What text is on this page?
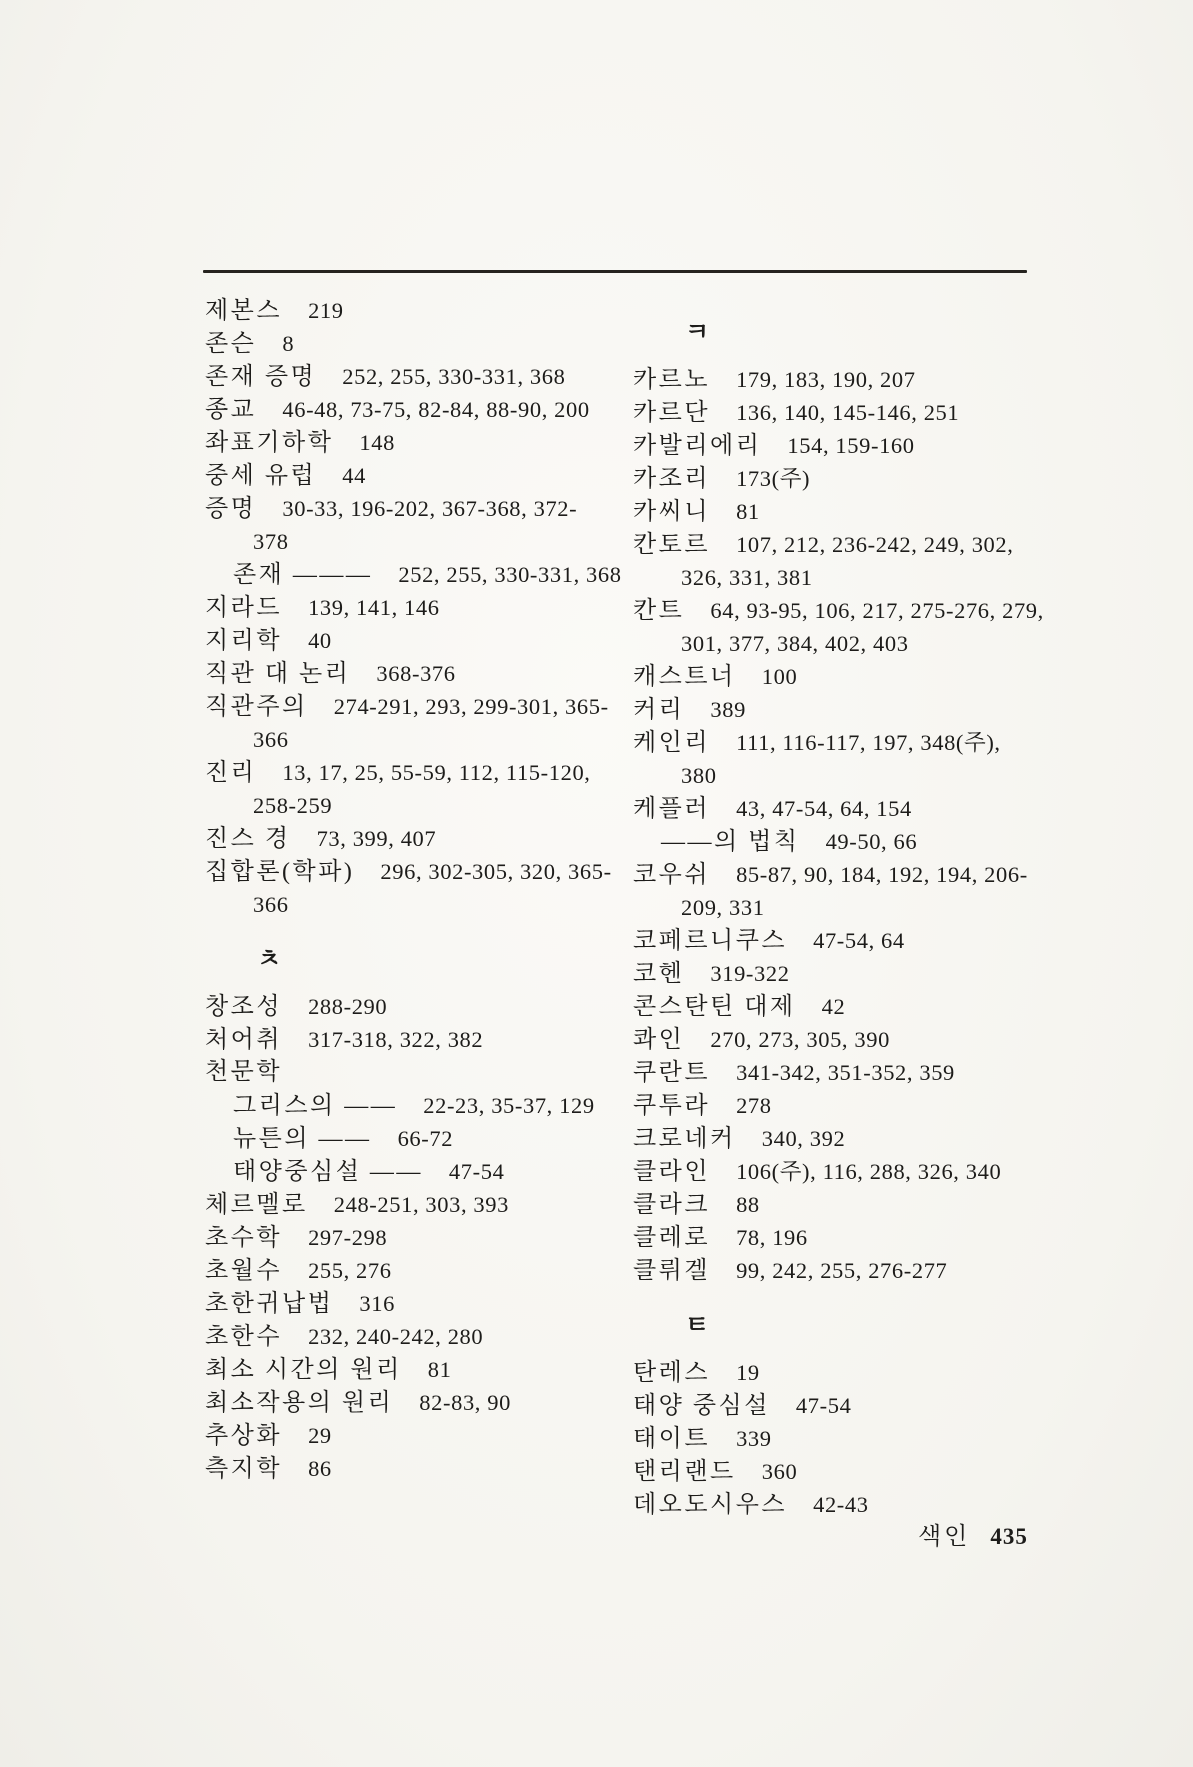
제본스 219
존슨 8
존재 증명 252, 255, 330-331, 368
종교 46-48, 73-75, 82-84, 88-90, 200
좌표기하학 148
중세 유럽 44
증명 30-33, 196-202, 367-368, 372-
378
존재 ——— 252, 255, 330-331, 368
지라드 139, 141, 146
지리학 40
직관 대 논리 368-376
직관주의 274-291, 293, 299-301, 365-
366
진리 13, 17, 25, 55-59, 112, 115-120,
258-259
진스 경 73, 399, 407
집합론(학파) 296, 302-305, 320, 365-
366
ㅊ
창조성 288-290
처어취 317-318, 322, 382
천문학
그리스의 ―― 22-23, 35-37, 129
뉴튼의 ―― 66-72
태양중심설 ―― 47-54
체르멜로 248-251, 303, 393
초수학 297-298
초월수 255, 276
초한귀납법 316
초한수 232, 240-242, 280
최소 시간의 원리 81
최소작용의 원리 82-83, 90
추상화 29
측지학 86
ㅋ
카르노 179, 183, 190, 207
카르단 136, 140, 145-146, 251
카발리에리 154, 159-160
카조리 173(주)
카씨니 81
칸토르 107, 212, 236-242, 249, 302,
326, 331, 381
칸트 64, 93-95, 106, 217, 275-276, 279,
301, 377, 384, 402, 403
캐스트너 100
커리 389
케인리 111, 116-117, 197, 348(주),
380
케플러 43, 47-54, 64, 154
――의 법칙 49-50, 66
코우쉬 85-87, 90, 184, 192, 194, 206-
209, 331
코페르니쿠스 47-54, 64
코헨 319-322
콘스탄틴 대제 42
콰인 270, 273, 305, 390
쿠란트 341-342, 351-352, 359
쿠투라 278
크로네커 340, 392
클라인 106(주), 116, 288, 326, 340
클라크 88
클레로 78, 196
클뤼겔 99, 242, 255, 276-277
ㅌ
탄레스 19
태양 중심설 47-54
태이트 339
탠리랜드 360
데오도시우스 42-43
색인 435
